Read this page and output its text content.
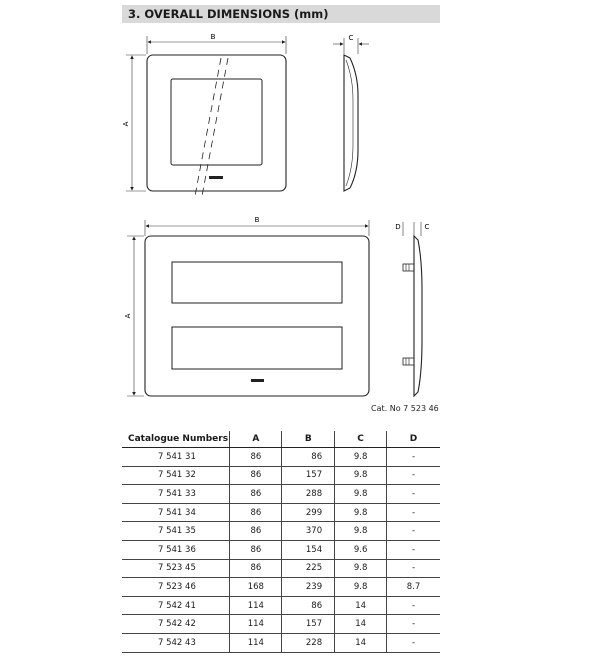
3. OVERALL DIMENSIONS (mm)
B
A
C
B
A
D	C
Cat. No 7 523 46
Catalogue Numbers	A	B	C	D
7 541 31	86	86	9.8	-
7 541 32	86	157	9.8	-
7 541 33	86	288	9.8	-
7 541 34	86	299	9.8	-
7 541 35	86	370	9.8	-
7 541 36	86	154	9.6	-
7 523 45	86	225	9.8	-
7 523 46	168	239	9.8	8.7
7 542 41	114	86	14	-
7 542 42	114	157	14	-
7 542 43	114	228	14	-
